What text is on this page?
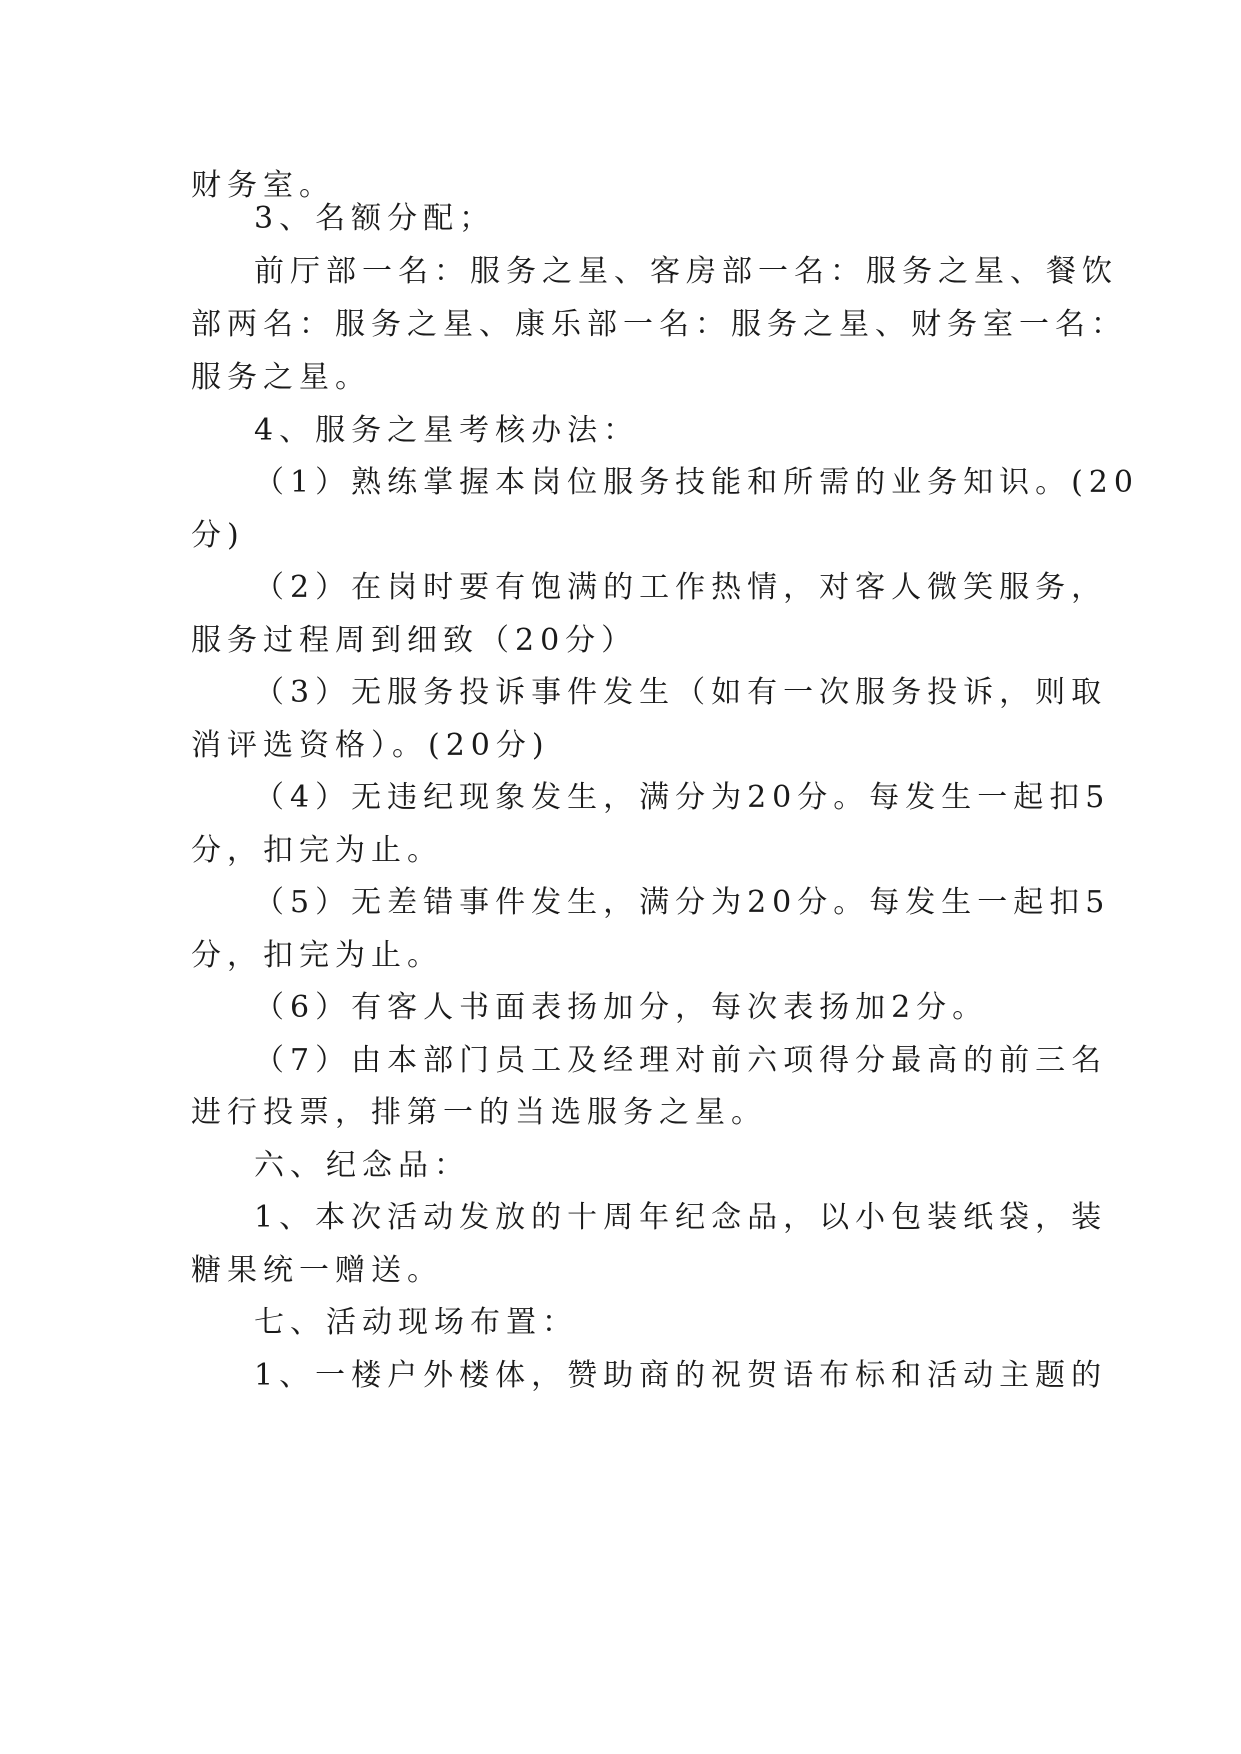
财务室。
3、名额分配；
前厅部一名：服务之星、客房部一名：服务之星、餐饮
部两名：服务之星、康乐部一名：服务之星、财务室一名：
服务之星。
4、服务之星考核办法：
（1）熟练掌握本岗位服务技能和所需的业务知识。(20
分)
（2）在岗时要有饱满的工作热情，对客人微笑服务，
服务过程周到细致（20分）
（3）无服务投诉事件发生（如有一次服务投诉，则取
消评选资格）。(20分)
（4）无违纪现象发生，满分为20分。每发生一起扣5
分，扣完为止。
（5）无差错事件发生，满分为20分。每发生一起扣5
分，扣完为止。
（6）有客人书面表扬加分，每次表扬加2分。
（7）由本部门员工及经理对前六项得分最高的前三名
进行投票，排第一的当选服务之星。
六、纪念品：
1、本次活动发放的十周年纪念品，以小包装纸袋，装
糖果统一赠送。
七、活动现场布置：
1、一楼户外楼体，赞助商的祝贺语布标和活动主题的
